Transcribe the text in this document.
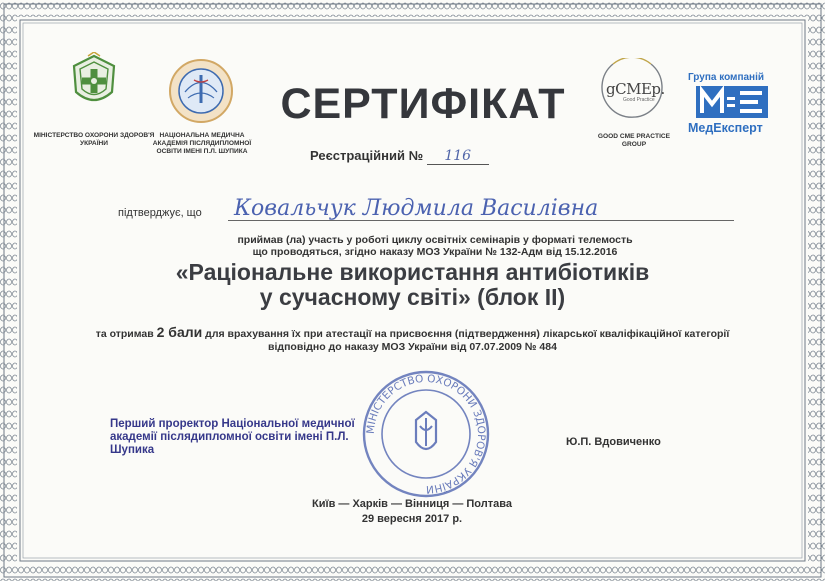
МІНІСТЕРСТВО ОХОРОНИ ЗДОРОВ'Я УКРАЇНИ
НАЦІОНАЛЬНА МЕДИЧНА АКАДЕМІЯ ПІСЛЯДИПЛОМНОЇ ОСВІТИ ІМЕНІ П.Л. ШУПИКА
gCMEp.
Good Practice
GOOD CME PRACTICE GROUP
Група компаній
МедЕксперт
СЕРТИФІКАТ
Реєстраційний № 116
підтверджує, що Ковальчук Людмила Василівна
приймав (ла) участь у роботі циклу освітніх семінарів у форматі телемость
що проводяться, згідно наказу МОЗ України № 132-Адм від 15.12.2016
«Раціональне використання антибіотиків
у сучасному світі» (блок ІІ)
та отримав 2 бали для врахування їх при атестації на присвоєння (підтвердження) лікарської кваліфікаційної категорії
відповідно до наказу МОЗ України від 07.07.2009 № 484
МІНІСТЕРСТВО ОХОРОНИ ЗДОРОВ'Я УКРАЇНИ
Перший проректор Національної медичної академії післядипломної освіти імені П.Л. Шупика
Ю.П. Вдовиченко
Київ — Харків — Вінниця — Полтава
29 вересня 2017 р.
